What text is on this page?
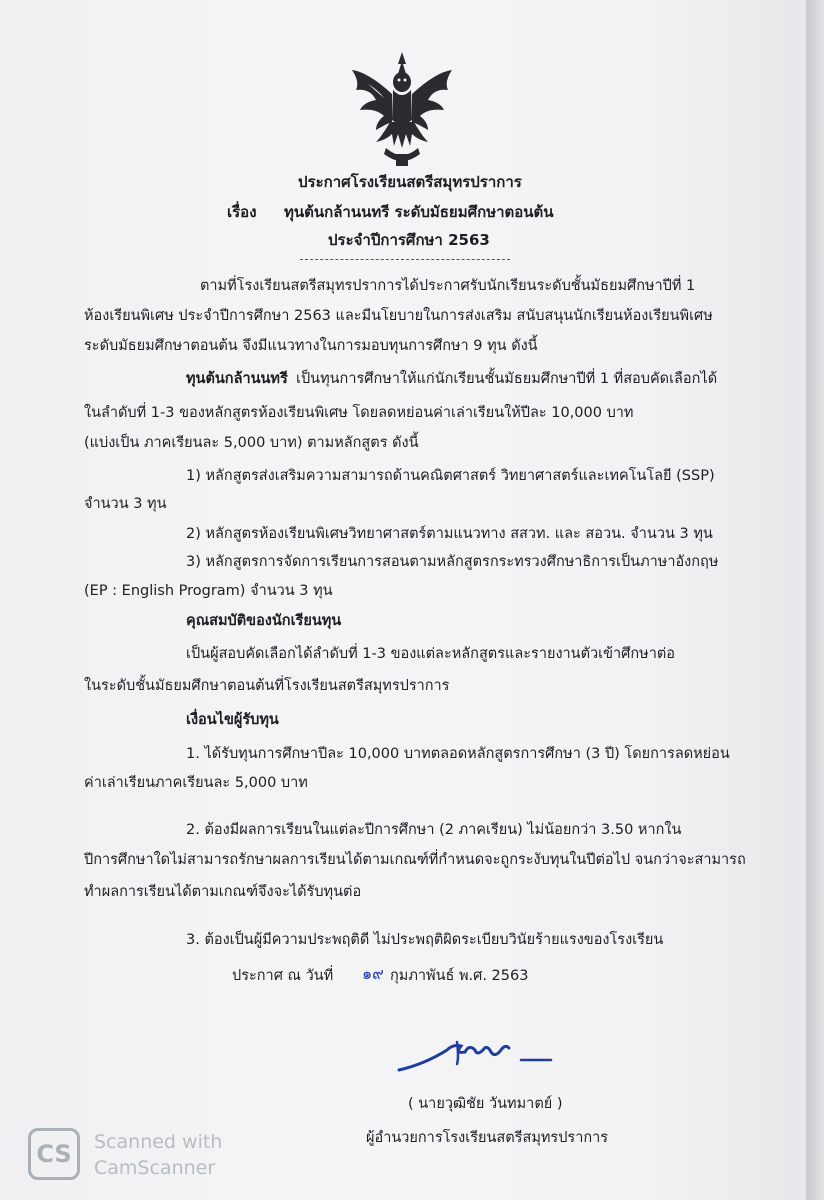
ประกาศโรงเรียนสตรีสมุทรปราการ
เรื่อง ทุนต้นกล้านนทรี ระดับมัธยมศึกษาตอนต้น
ประจำปีการศึกษา 2563
ตามที่โรงเรียนสตรีสมุทรปราการได้ประกาศรับนักเรียนระดับชั้นมัธยมศึกษาปีที่ 1
ห้องเรียนพิเศษ ประจำปีการศึกษา 2563 และมีนโยบายในการส่งเสริม สนับสนุนนักเรียนห้องเรียนพิเศษ
ระดับมัธยมศึกษาตอนต้น จึงมีแนวทางในการมอบทุนการศึกษา 9 ทุน ดังนี้
ทุนต้นกล้านนทรี เป็นทุนการศึกษาให้แก่นักเรียนชั้นมัธยมศึกษาปีที่ 1 ที่สอบคัดเลือกได้
ในลำดับที่ 1-3 ของหลักสูตรห้องเรียนพิเศษ โดยลดหย่อนค่าเล่าเรียนให้ปีละ 10,000 บาท
(แบ่งเป็น ภาคเรียนละ 5,000 บาท) ตามหลักสูตร ดังนี้
1) หลักสูตรส่งเสริมความสามารถด้านคณิตศาสตร์ วิทยาศาสตร์และเทคโนโลยี (SSP)
จำนวน 3 ทุน
2) หลักสูตรห้องเรียนพิเศษวิทยาศาสตร์ตามแนวทาง สสวท. และ สอวน. จำนวน 3 ทุน
3) หลักสูตรการจัดการเรียนการสอนตามหลักสูตรกระทรวงศึกษาธิการเป็นภาษาอังกฤษ
(EP : English Program) จำนวน 3 ทุน
คุณสมบัติของนักเรียนทุน
เป็นผู้สอบคัดเลือกได้ลำดับที่ 1-3 ของแต่ละหลักสูตรและรายงานตัวเข้าศึกษาต่อ
ในระดับชั้นมัธยมศึกษาตอนต้นที่โรงเรียนสตรีสมุทรปราการ
เงื่อนไขผู้รับทุน
1. ได้รับทุนการศึกษาปีละ 10,000 บาทตลอดหลักสูตรการศึกษา (3 ปี) โดยการลดหย่อน
ค่าเล่าเรียนภาคเรียนละ 5,000 บาท
2. ต้องมีผลการเรียนในแต่ละปีการศึกษา (2 ภาคเรียน) ไม่น้อยกว่า 3.50 หากใน
ปีการศึกษาใดไม่สามารถรักษาผลการเรียนได้ตามเกณฑ์ที่กำหนดจะถูกระงับทุนในปีต่อไป จนกว่าจะสามารถ
ทำผลการเรียนได้ตามเกณฑ์จึงจะได้รับทุนต่อ
3. ต้องเป็นผู้มีความประพฤติดี ไม่ประพฤติผิดระเบียบวินัยร้ายแรงของโรงเรียน
ประกาศ ณ วันที่ ๑๙ กุมภาพันธ์ พ.ศ. 2563
( นายวุฒิชัย วันทมาตย์ )
ผู้อำนวยการโรงเรียนสตรีสมุทรปราการ
CS	Scanned with
CamScanner
